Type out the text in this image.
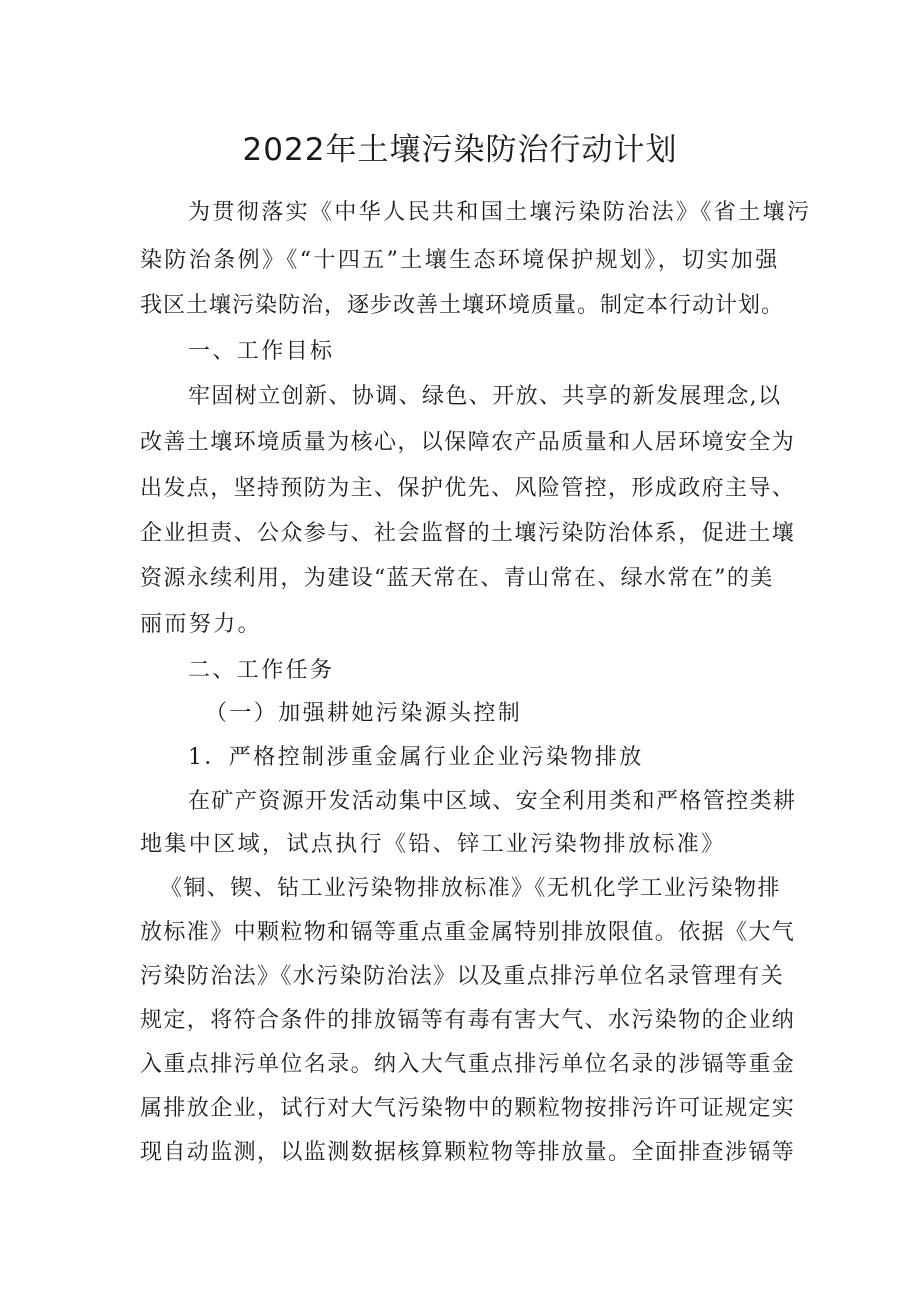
2022年土壤污染防治行动计划
为贯彻落实《中华人民共和国土壤污染防治法》《省土壤污
染防治条例》《“十四五”土壤生态环境保护规划》，切实加强
我区土壤污染防治，逐步改善土壤环境质量。制定本行动计划。
一、工作目标
牢固树立创新、协调、绿色、开放、共享的新发展理念,以
改善土壤环境质量为核心，以保障农产品质量和人居环境安全为
出发点，坚持预防为主、保护优先、风险管控，形成政府主导、
企业担责、公众参与、社会监督的土壤污染防治体系，促进土壤
资源永续利用，为建设“蓝天常在、青山常在、绿水常在”的美
丽而努力。
二、工作任务
（一）加强耕她污染源头控制
1．严格控制涉重金属行业企业污染物排放
在矿产资源开发活动集中区域、安全利用类和严格管控类耕
地集中区域，试点执行《铅、锌工业污染物排放标准》
《铜、锲、钻工业污染物排放标准》《无机化学工业污染物排
放标准》中颗粒物和镉等重点重金属特别排放限值。依据《大气
污染防治法》《水污染防治法》以及重点排污单位名录管理有关
规定，将符合条件的排放镉等有毒有害大气、水污染物的企业纳
入重点排污单位名录。纳入大气重点排污单位名录的涉镉等重金
属排放企业，试行对大气污染物中的颗粒物按排污许可证规定实
现自动监测，以监测数据核算颗粒物等排放量。全面排查涉镉等
